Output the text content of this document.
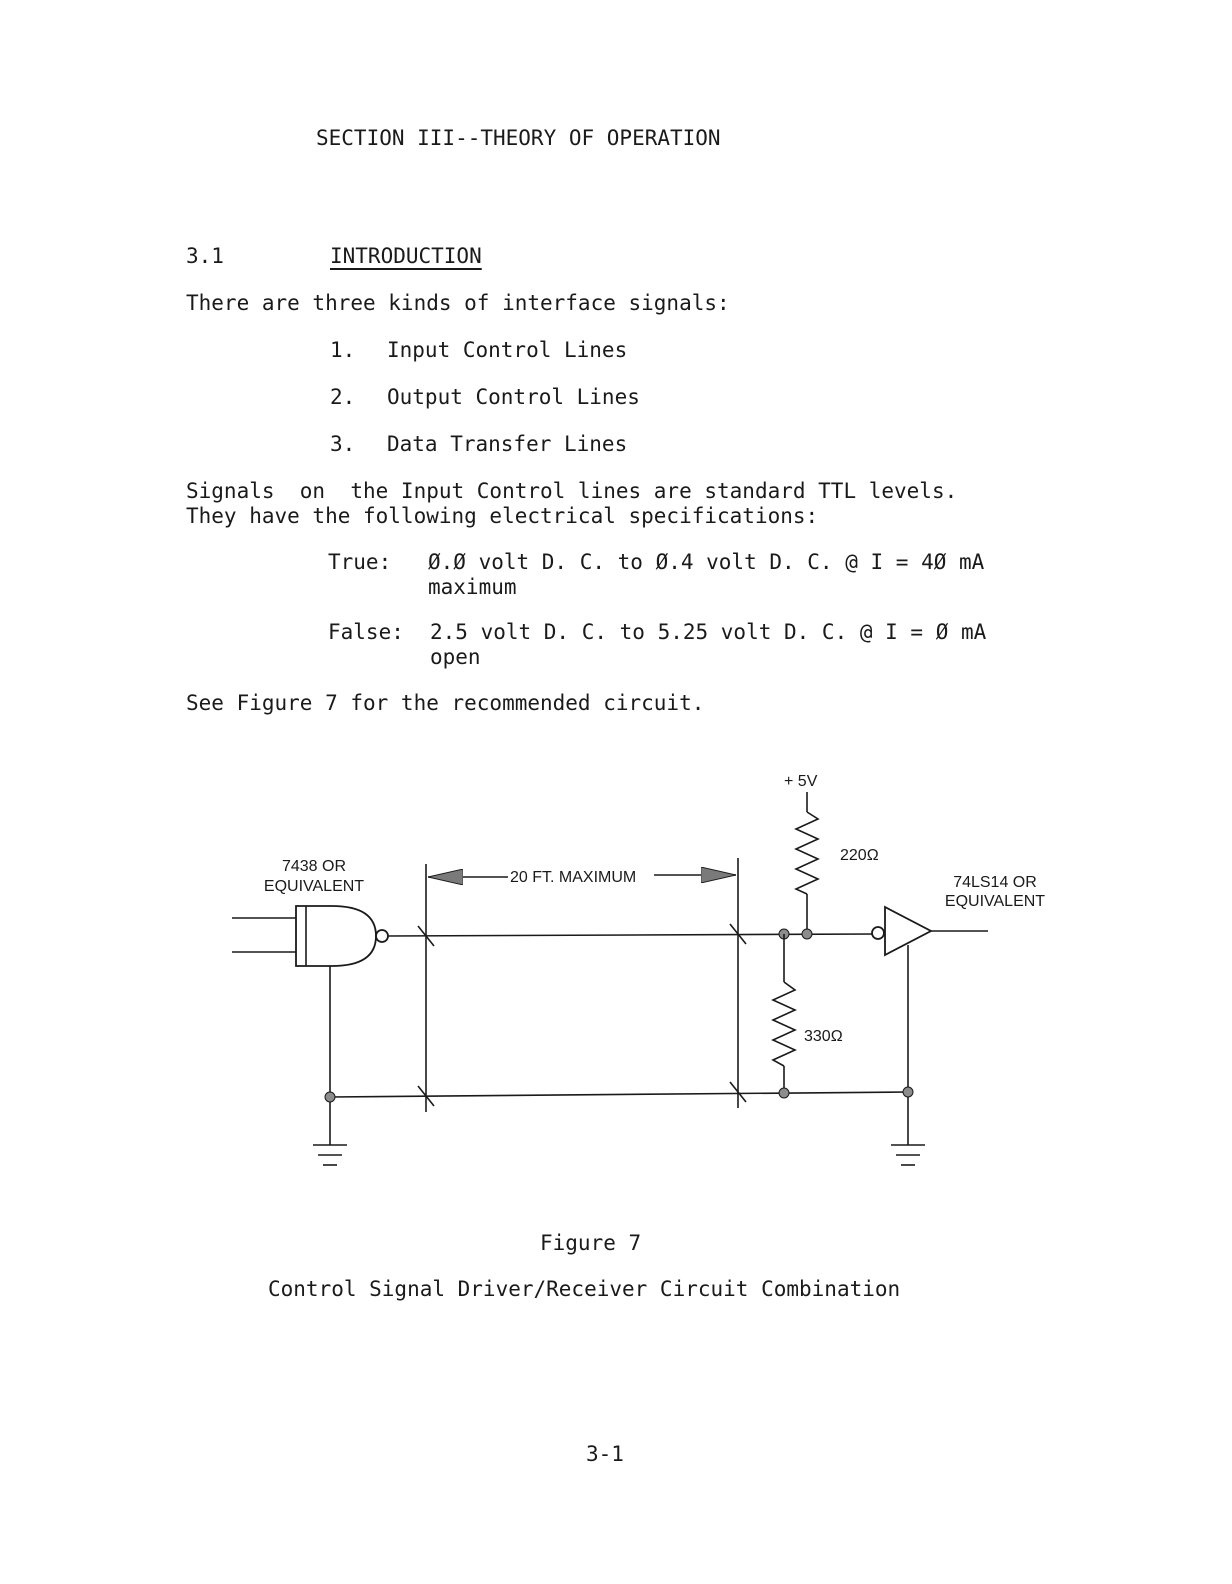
SECTION III--THEORY OF OPERATION
3.1	INTRODUCTION
There are three kinds of interface signals:
1. Input Control Lines
2. Output Control Lines
3. Data Transfer Lines
Signals  on  the Input Control lines are standard TTL levels.
They have the following electrical specifications:
True: Ø.Ø volt D. C. to Ø.4 volt D. C. @ I = 4Ø mA
maximum
False: 2.5 volt D. C. to 5.25 volt D. C. @ I = Ø mA
open
See Figure 7 for the recommended circuit.
20 FT. MAXIMUM
+ 5V
220Ω
330Ω
7438 OR
EQUIVALENT	74LS14 OR
EQUIVALENT
Figure 7
Control Signal Driver/Receiver Circuit Combination
3-1
